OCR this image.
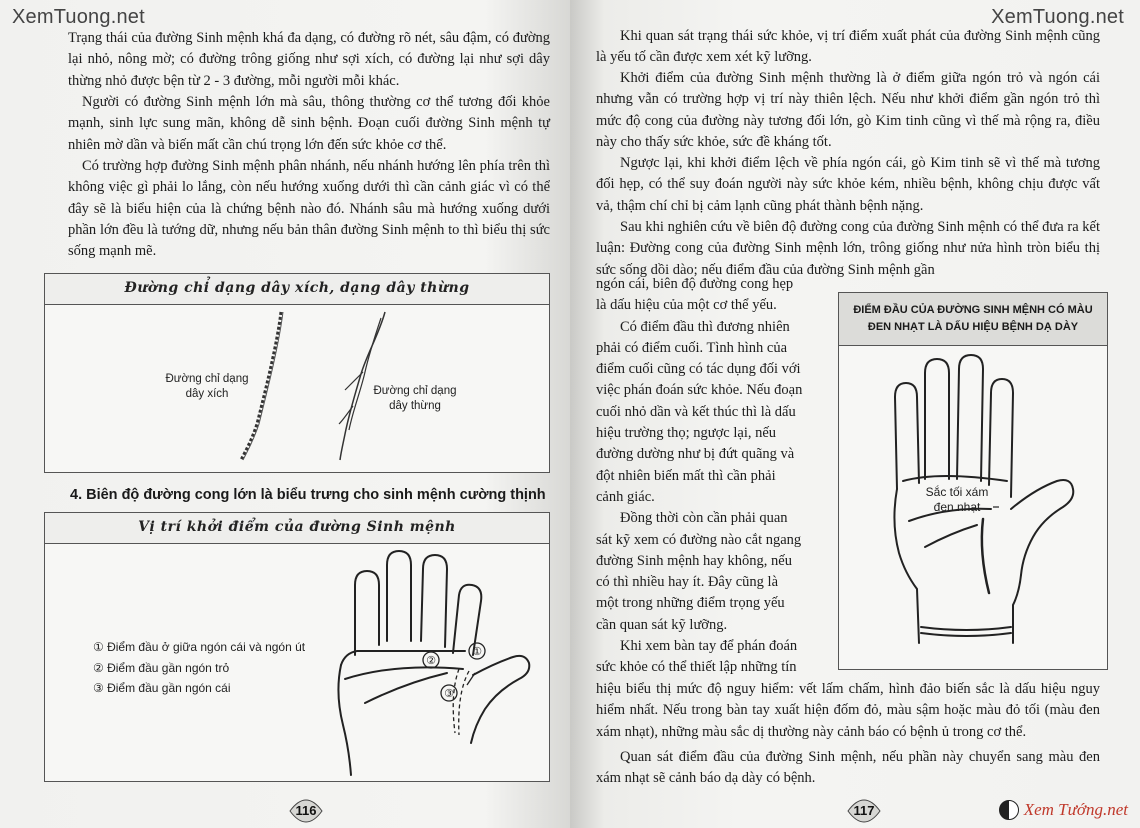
XemTuong.net

Trạng thái của đường Sinh mệnh khá đa dạng, có đường rõ nét, sâu đậm, có đường lại nhỏ, nông mờ; có đường trông giống như sợi xích, có đường lại như sợi dây thừng nhỏ được bện từ 2 - 3 đường, mỗi người mỗi khác.

Người có đường Sinh mệnh lớn mà sâu, thông thường cơ thể tương đối khỏe mạnh, sinh lực sung mãn, không dễ sinh bệnh. Đoạn cuối đường Sinh mệnh tự nhiên mờ dần và biến mất cần chú trọng lớn đến sức khỏe cơ thể.

Có trường hợp đường Sinh mệnh phân nhánh, nếu nhánh hướng lên phía trên thì không việc gì phải lo lắng, còn nếu hướng xuống dưới thì cần cảnh giác vì có thể đây sẽ là biểu hiện của là chứng bệnh nào đó. Nhánh sâu mà hướng xuống dưới phần lớn đều là tướng dữ, nhưng nếu bản thân đường Sinh mệnh to thì biểu thị sức sống mạnh mẽ.

Đường chỉ dạng dây xích, dạng dây thừng
Đường chỉ dạng dây xích	Đường chỉ dạng dây thừng
4. Biên độ đường cong lớn là biểu trưng cho sinh mệnh cường thịnh
Vị trí khởi điểm của đường Sinh mệnh
① Điểm đầu ở giữa ngón cái và ngón út
② Điểm đầu gần ngón trỏ
③ Điểm đầu gần ngón cái
②
①
③
116
XemTuong.net

Khi quan sát trạng thái sức khỏe, vị trí điểm xuất phát của đường Sinh mệnh cũng là yếu tố cần được xem xét kỹ lưỡng.

Khởi điểm của đường Sinh mệnh thường là ở điểm giữa ngón trỏ và ngón cái nhưng vẫn có trường hợp vị trí này thiên lệch. Nếu như khởi điểm gần ngón trỏ thì mức độ cong của đường này tương đối lớn, gò Kim tinh cũng vì thế mà rộng ra, điều này cho thấy sức khỏe, sức đề kháng tốt.

Ngược lại, khi khởi điểm lệch về phía ngón cái, gò Kim tinh sẽ vì thế mà tương đối hẹp, có thể suy đoán người này sức khỏe kém, nhiều bệnh, không chịu được vất vả, thậm chí chỉ bị cảm lạnh cũng phát thành bệnh nặng.

Sau khi nghiên cứu về biên độ đường cong của đường Sinh mệnh có thể đưa ra kết luận: Đường cong của đường Sinh mệnh lớn, trông giống như nửa hình tròn biểu thị sức sống dồi dào; nếu điểm đầu của đường Sinh mệnh gần

ngón cái, biên độ đường cong hẹp
là dấu hiệu của một cơ thể yếu.
Có điểm đầu thì đương nhiên
phải có điểm cuối. Tình hình của
điểm cuối cũng có tác dụng đối với
việc phán đoán sức khỏe. Nếu đoạn
cuối nhỏ dần và kết thúc thì là dấu
hiệu trường thọ; ngược lại, nếu
đường dường như bị đứt quãng và
đột nhiên biến mất thì cần phải
cảnh giác.
Đồng thời còn cần phải quan
sát kỹ xem có đường nào cắt ngang
đường Sinh mệnh hay không, nếu
có thì nhiều hay ít. Đây cũng là
một trong những điểm trọng yếu
cần quan sát kỹ lưỡng.
Khi xem bàn tay để phán đoán
sức khỏe có thể thiết lập những tín

hiệu biểu thị mức độ nguy hiểm: vết lấm chấm, hình đảo biến sắc là dấu hiệu nguy hiểm nhất. Nếu trong bàn tay xuất hiện đốm đỏ, màu sậm hoặc màu đỏ tối (màu đen xám nhạt), những màu sắc dị thường này cảnh báo có bệnh ủ trong cơ thể.

Quan sát điểm đầu của đường Sinh mệnh, nếu phần này chuyển sang màu đen xám nhạt sẽ cảnh báo dạ dày có bệnh.

ĐIỂM ĐẦU CỦA ĐƯỜNG SINH MỆNH CÓ MÀU
ĐEN NHẠT LÀ DẤU HIỆU BỆNH DẠ DÀY
Sắc tối xám đen nhạt
117	Xem Tướng.net
